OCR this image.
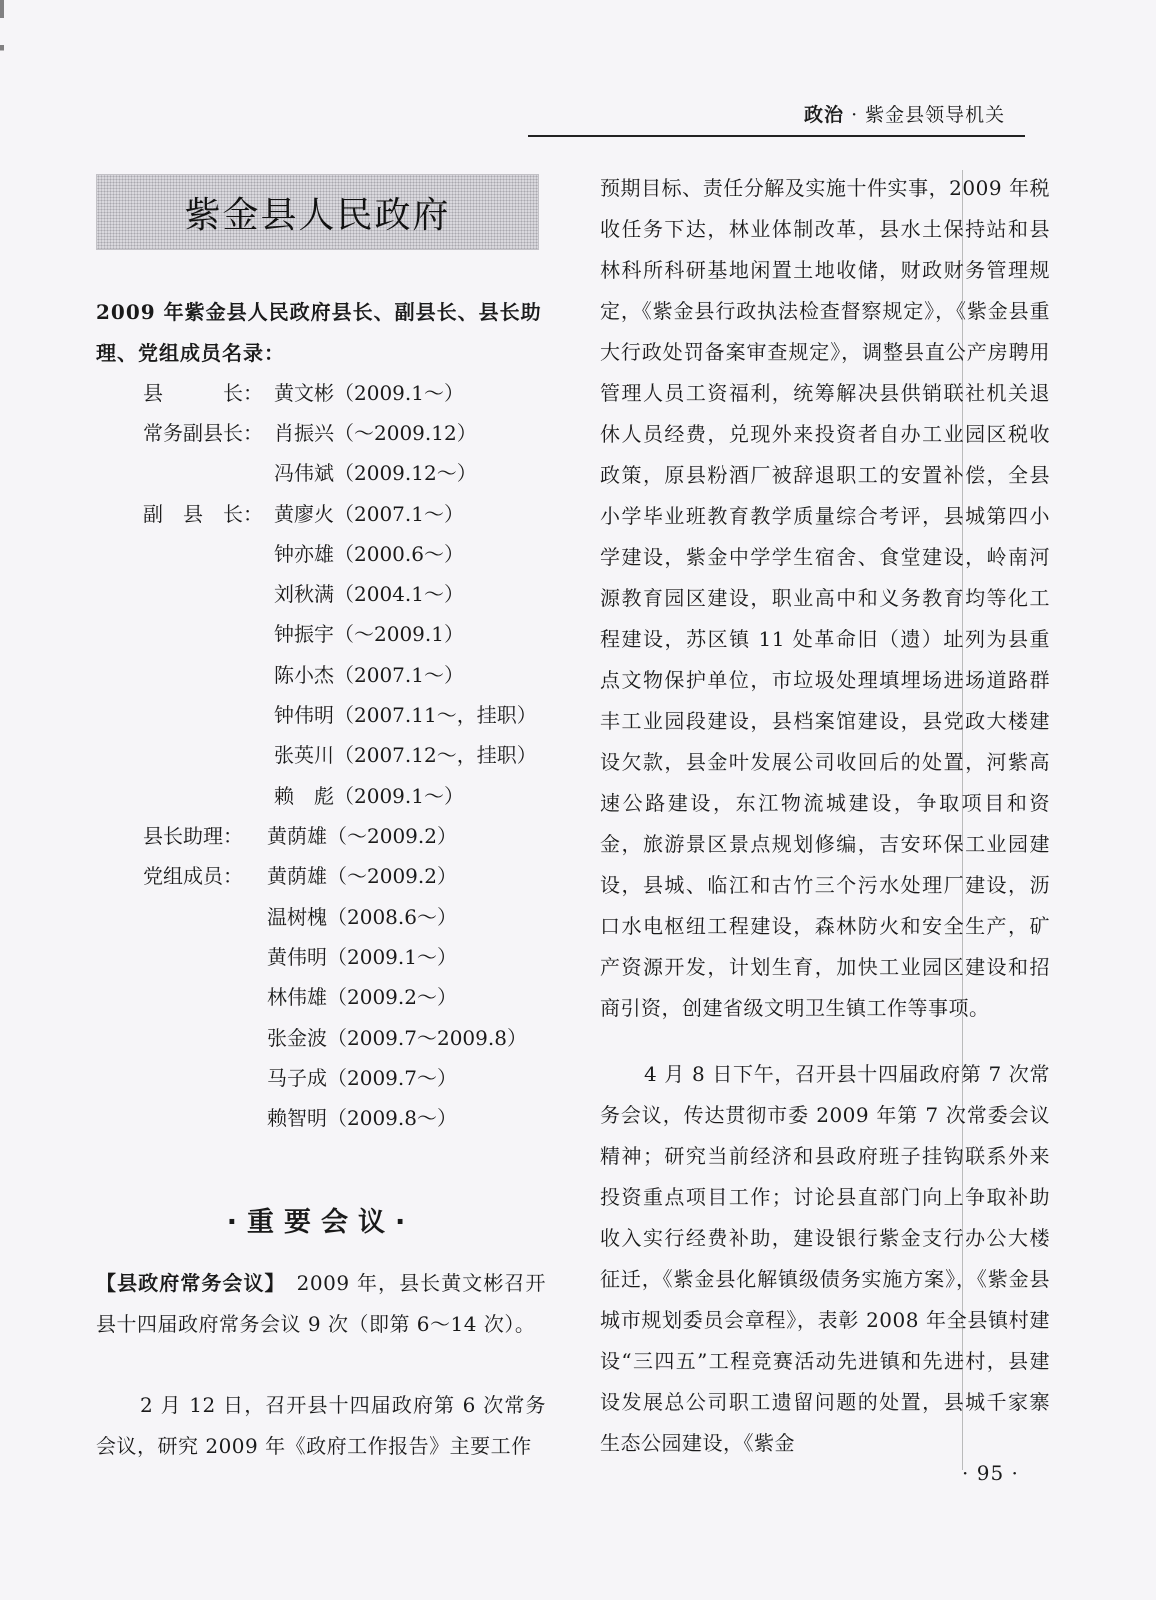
政治 · 紫金县领导机关
紫金县人民政府
2009 年紫金县人民政府县长、副县长、县长助理、党组成员名录：
县　　　长： 黄文彬（2009.1～）
常务副县长： 肖振兴（～2009.12）
冯伟斌（2009.12～）
副　县　长： 黄廖火（2007.1～）
钟亦雄（2000.6～）
刘秋满（2004.1～）
钟振宇（～2009.1）
陈小杰（2007.1～）
钟伟明（2007.11～，挂职）
张英川（2007.12～，挂职）
赖　彪（2009.1～）
县长助理： 黄荫雄（～2009.2）
党组成员： 黄荫雄（～2009.2）
温树槐（2008.6～）
黄伟明（2009.1～）
林伟雄（2009.2～）
张金波（2009.7～2009.8）
马子成（2009.7～）
赖智明（2009.8～）
·重要会议·
【县政府常务会议】　2009 年，县长黄文彬召开县十四届政府常务会议 9 次（即第 6～14 次）。
2 月 12 日，召开县十四届政府第 6 次常务会议，研究 2009 年《政府工作报告》主要工作
预期目标、责任分解及实施十件实事，2009 年税收任务下达，林业体制改革，县水土保持站和县林科所科研基地闲置土地收储，财政财务管理规定，《紫金县行政执法检查督察规定》，《紫金县重大行政处罚备案审查规定》，调整县直公产房聘用管理人员工资福利，统筹解决县供销联社机关退休人员经费，兑现外来投资者自办工业园区税收政策，原县粉酒厂被辞退职工的安置补偿，全县小学毕业班教育教学质量综合考评，县城第四小学建设，紫金中学学生宿舍、食堂建设，岭南河源教育园区建设，职业高中和义务教育均等化工程建设，苏区镇 11 处革命旧（遗）址列为县重点文物保护单位，市垃圾处理填埋场进场道路群丰工业园段建设，县档案馆建设，县党政大楼建设欠款，县金叶发展公司收回后的处置，河紫高速公路建设，东江物流城建设，争取项目和资金，旅游景区景点规划修编，吉安环保工业园建设，县城、临江和古竹三个污水处理厂建设，沥口水电枢纽工程建设，森林防火和安全生产，矿产资源开发，计划生育，加快工业园区建设和招商引资，创建省级文明卫生镇工作等事项。
4 月 8 日下午，召开县十四届政府第 7 次常务会议，传达贯彻市委 2009 年第 7 次常委会议精神；研究当前经济和县政府班子挂钩联系外来投资重点项目工作；讨论县直部门向上争取补助收入实行经费补助，建设银行紫金支行办公大楼征迁，《紫金县化解镇级债务实施方案》，《紫金县城市规划委员会章程》，表彰 2008 年全县镇村建设“三四五”工程竞赛活动先进镇和先进村，县建设发展总公司职工遗留问题的处置，县城千家寨生态公园建设，《紫金
· 95 ·
